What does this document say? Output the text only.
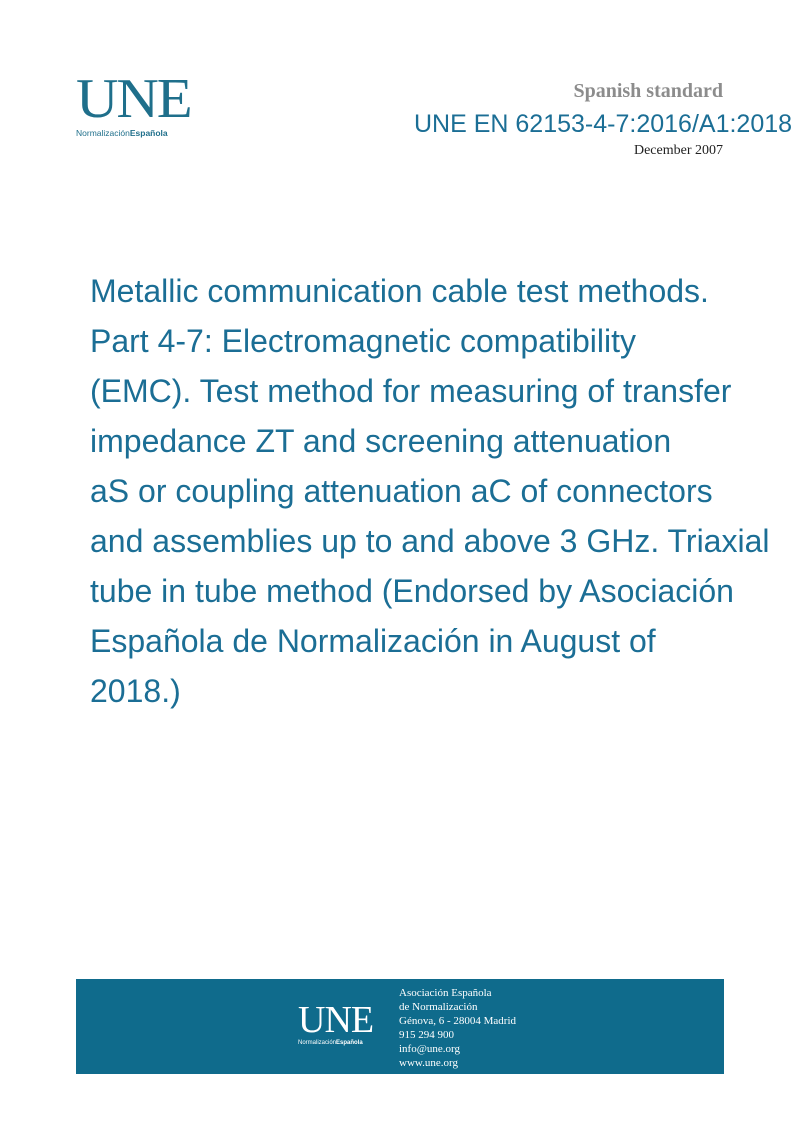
UNE
NormalizaciónEspañola
Spanish standard
UNE EN 62153-4-7:2016/A1:2018
December 2007
Metallic communication cable test methods.
Part 4-7: Electromagnetic compatibility
(EMC). Test method for measuring of transfer
impedance ZT and screening attenuation
aS or coupling attenuation aC of connectors
and assemblies up to and above 3 GHz. Triaxial
tube in tube method (Endorsed by Asociación
Española de Normalización in August of
2018.)
UNE
NormalizaciónEspañola
Asociación Española
de Normalización
Génova, 6 - 28004 Madrid
915 294 900
info@une.org
www.une.org
